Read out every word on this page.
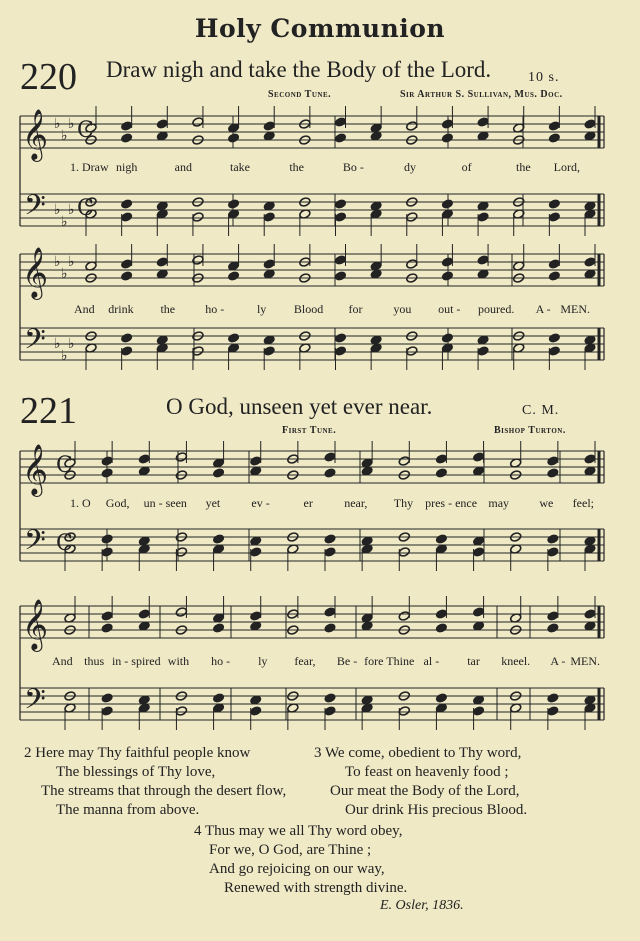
Holy Communion
220 Draw nigh and take the Body of the Lord.	10 s.
Second Tune.	Sir Arthur S. Sullivan, Mus. Doc.
221	O God, unseen yet ever near.	C. M.
First Tune.	Bishop Turton.
𝄞
𝄢
♭
♭
♭
♭
♭
♭
C
C
𝄞
𝄢
♭
♭
♭
♭
♭
♭
𝄞
𝄢
C
C
𝄞
𝄢
1. Draw nigh	and	take	the	Bo -	dy	of	the Lord,
And drink the	ho -	ly Blood for	you out - poured. A - MEN.
1. O God, un - seen yet	ev -	er	near, Thy pres - ence may	we feel;
And thus in - spired with ho - ly fear, Be - fore Thine al - tar kneel. A - MEN.
2 Here may Thy faithful people know
The blessings of Thy love,
The streams that through the desert flow,
The manna from above.
3 We come, obedient to Thy word,
To feast on heavenly food ;
Our meat the Body of the Lord,
Our drink His precious Blood.
4 Thus may we all Thy word obey,
For we, O God, are Thine ;
And go rejoicing on our way,
Renewed with strength divine.
E. Osler, 1836.
